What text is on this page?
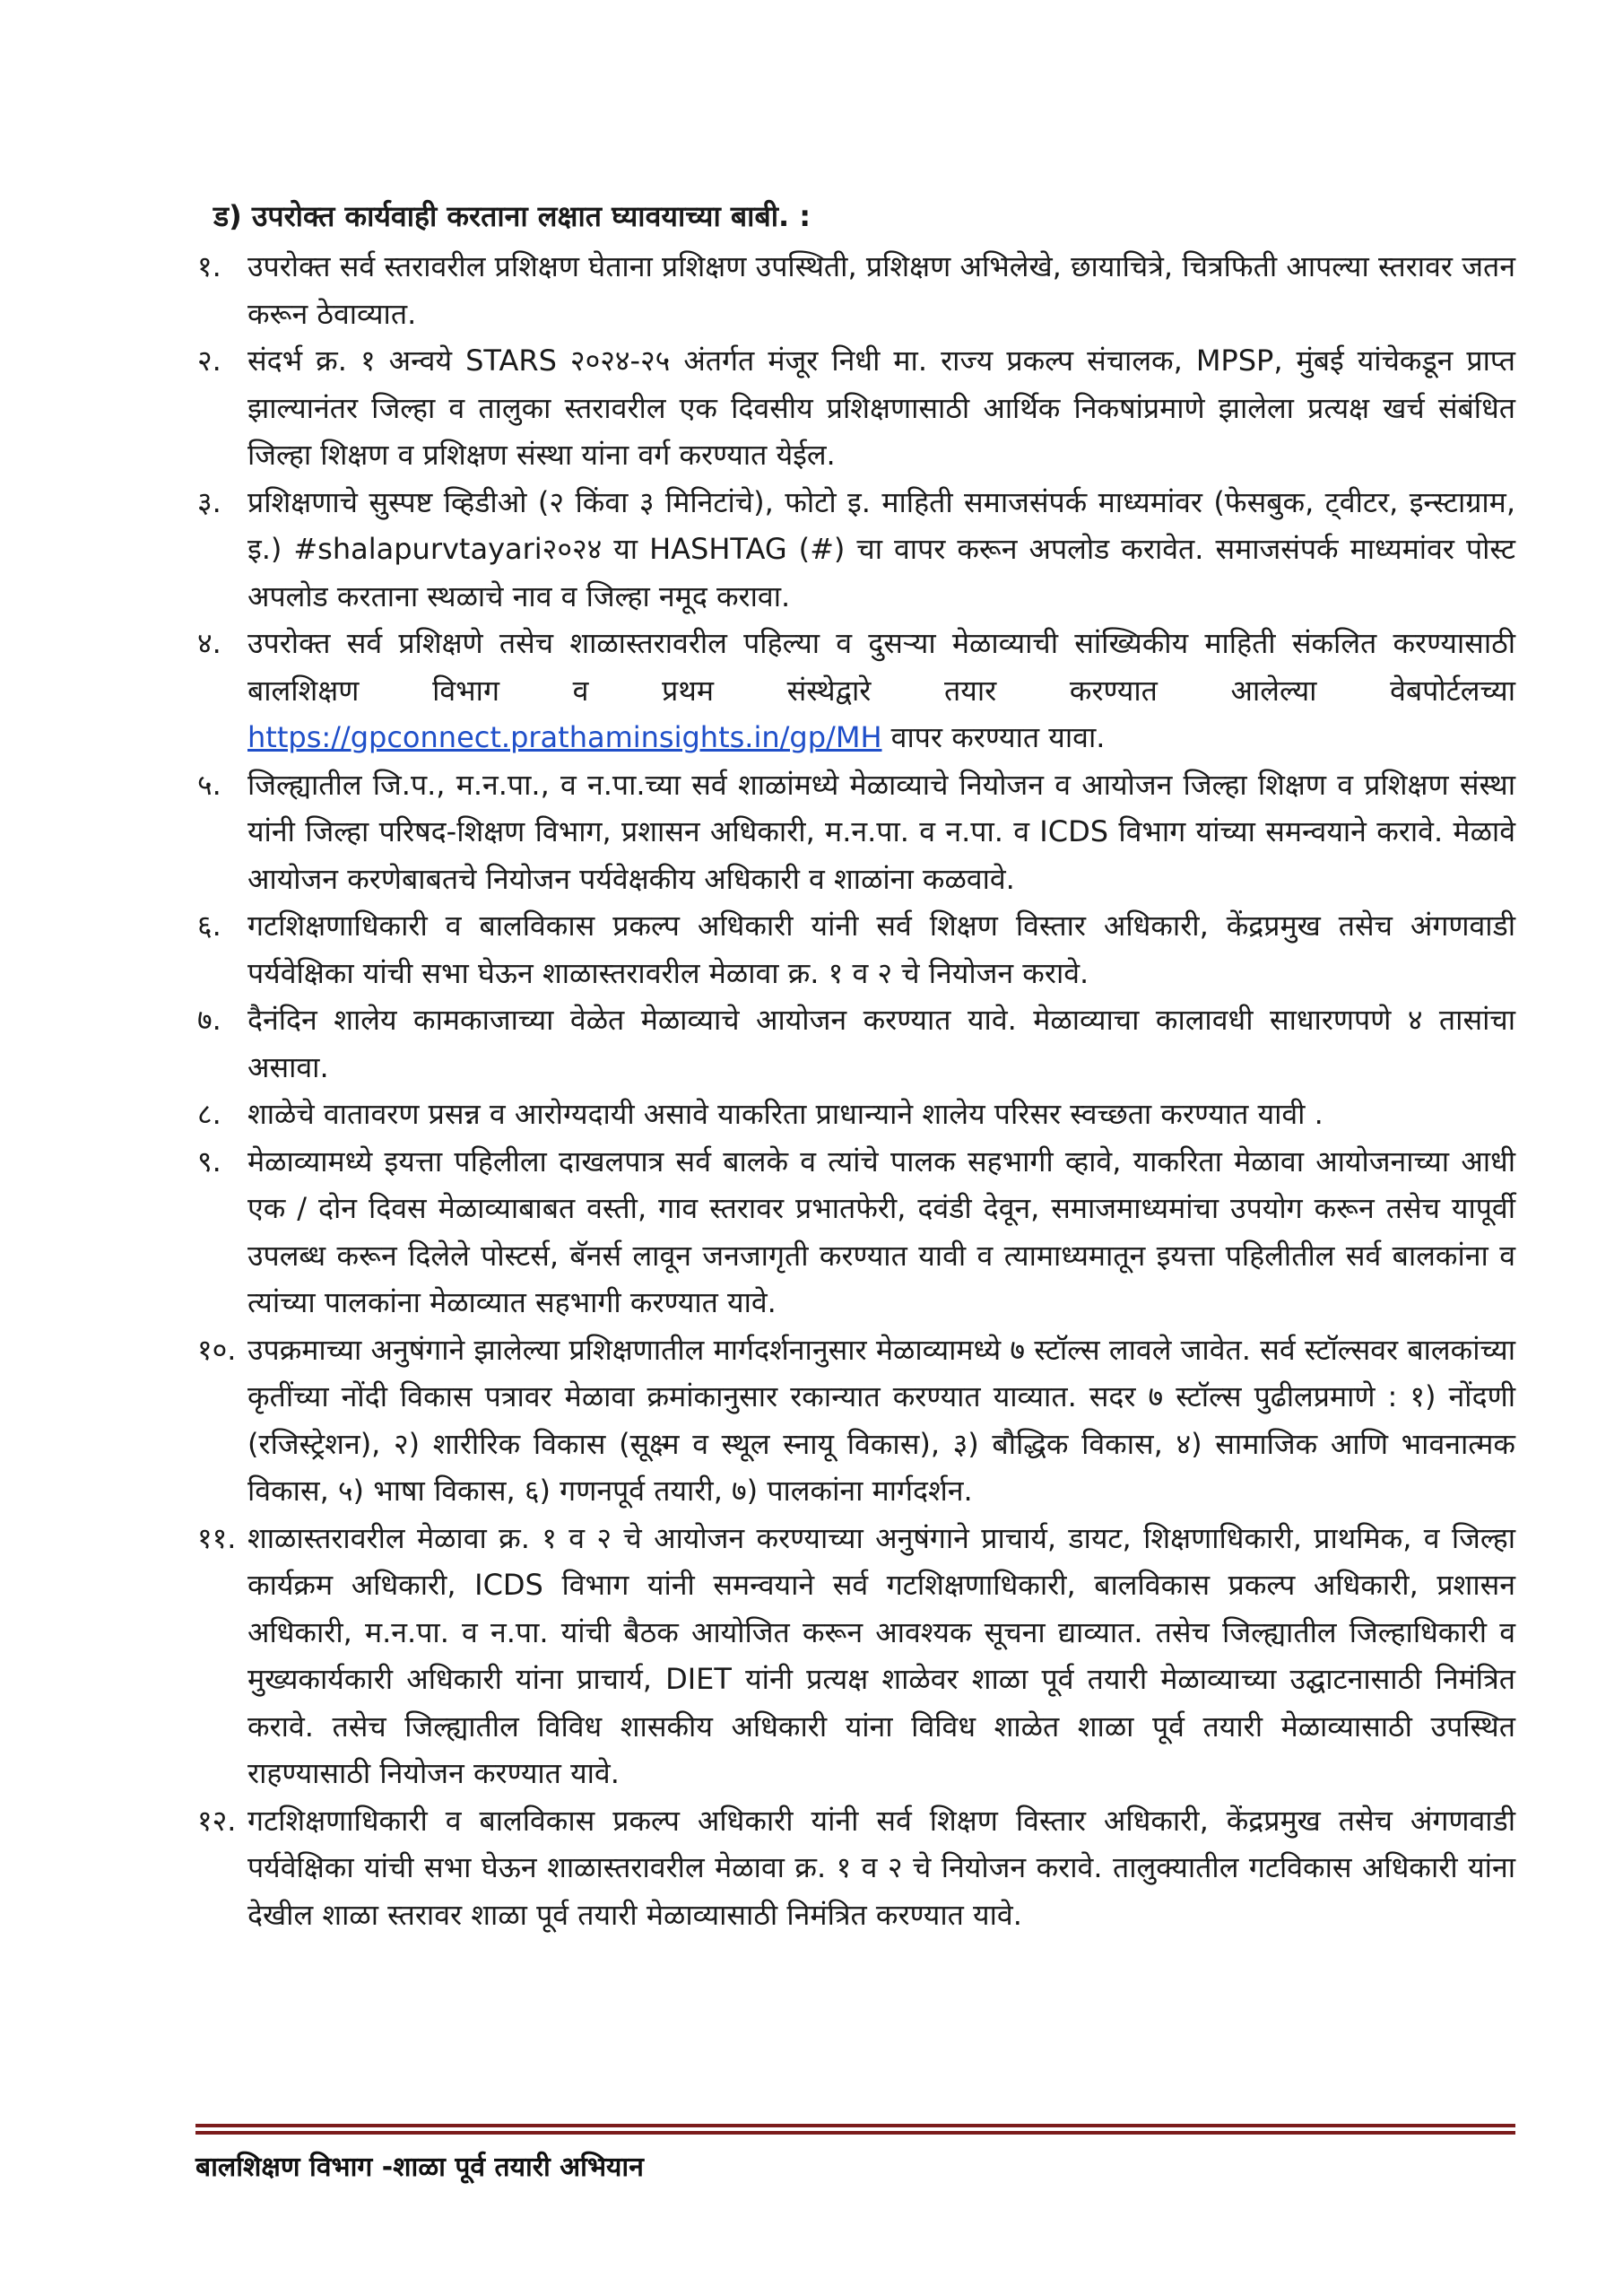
ड) उपरोक्त कार्यवाही करताना लक्षात घ्यावयाच्या बाबी. :
१. उपरोक्त सर्व स्तरावरील प्रशिक्षण घेताना प्रशिक्षण उपस्थिती, प्रशिक्षण अभिलेखे, छायाचित्रे, चित्रफिती आपल्या स्तरावर जतन करून ठेवाव्यात.
२. संदर्भ क्र. १ अन्वये STARS २०२४-२५ अंतर्गत मंजूर निधी मा. राज्य प्रकल्प संचालक, MPSP, मुंबई यांचेकडून प्राप्त झाल्यानंतर जिल्हा व तालुका स्तरावरील एक दिवसीय प्रशिक्षणासाठी आर्थिक निकषांप्रमाणे झालेला प्रत्यक्ष खर्च संबंधित जिल्हा शिक्षण व प्रशिक्षण संस्था यांना वर्ग करण्यात येईल.
३. प्रशिक्षणाचे सुस्पष्ट व्हिडीओ (२ किंवा ३ मिनिटांचे), फोटो इ. माहिती समाजसंपर्क माध्यमांवर (फेसबुक, ट्वीटर, इन्स्टाग्राम, इ.) #shalapurvtayari२०२४ या HASHTAG (#) चा वापर करून अपलोड करावेत. समाजसंपर्क माध्यमांवर पोस्ट अपलोड करताना स्थळाचे नाव व जिल्हा नमूद करावा.
४. उपरोक्त सर्व प्रशिक्षणे तसेच शाळास्तरावरील पहिल्या व दुसऱ्या मेळाव्याची सांख्यिकीय माहिती संकलित करण्यासाठी बालशिक्षण विभाग व प्रथम संस्थेद्वारे तयार करण्यात आलेल्या वेबपोर्टलच्या https://gpconnect.prathaminsights.in/gp/MH वापर करण्यात यावा.
५. जिल्ह्यातील जि.प., म.न.पा., व न.पा.च्या सर्व शाळांमध्ये मेळाव्याचे नियोजन व आयोजन जिल्हा शिक्षण व प्रशिक्षण संस्था यांनी जिल्हा परिषद-शिक्षण विभाग, प्रशासन अधिकारी, म.न.पा. व न.पा. व ICDS विभाग यांच्या समन्वयाने करावे. मेळावे आयोजन करणेबाबतचे नियोजन पर्यवेक्षकीय अधिकारी व शाळांना कळवावे.
६. गटशिक्षणाधिकारी व बालविकास प्रकल्प अधिकारी यांनी सर्व शिक्षण विस्तार अधिकारी, केंद्रप्रमुख तसेच अंगणवाडी पर्यवेक्षिका यांची सभा घेऊन शाळास्तरावरील मेळावा क्र. १ व २ चे नियोजन करावे.
७. दैनंदिन शालेय कामकाजाच्या वेळेत मेळाव्याचे आयोजन करण्यात यावे. मेळाव्याचा कालावधी साधारणपणे ४ तासांचा असावा.
८. शाळेचे वातावरण प्रसन्न व आरोग्यदायी असावे याकरिता प्राधान्याने शालेय परिसर स्वच्छता करण्यात यावी .
९. मेळाव्यामध्ये इयत्ता पहिलीला दाखलपात्र सर्व बालके व त्यांचे पालक सहभागी व्हावे, याकरिता मेळावा आयोजनाच्या आधी एक / दोन दिवस मेळाव्याबाबत वस्ती, गाव स्तरावर प्रभातफेरी, दवंडी देवून, समाजमाध्यमांचा उपयोग करून तसेच यापूर्वी उपलब्ध करून दिलेले पोस्टर्स, बॅनर्स लावून जनजागृती करण्यात यावी व त्यामाध्यमातून इयत्ता पहिलीतील सर्व बालकांना व त्यांच्या पालकांना मेळाव्यात सहभागी करण्यात यावे.
१०. उपक्रमाच्या अनुषंगाने झालेल्या प्रशिक्षणातील मार्गदर्शनानुसार मेळाव्यामध्ये ७ स्टॉल्स लावले जावेत. सर्व स्टॉल्सवर बालकांच्या कृतींच्या नोंदी विकास पत्रावर मेळावा क्रमांकानुसार रकान्यात करण्यात याव्यात. सदर ७ स्टॉल्स पुढीलप्रमाणे : १) नोंदणी (रजिस्ट्रेशन), २) शारीरिक विकास (सूक्ष्म व स्थूल स्नायू विकास), ३) बौद्धिक विकास, ४) सामाजिक आणि भावनात्मक विकास, ५) भाषा विकास, ६) गणनपूर्व तयारी, ७) पालकांना मार्गदर्शन.
११. शाळास्तरावरील मेळावा क्र. १ व २ चे आयोजन करण्याच्या अनुषंगाने प्राचार्य, डायट, शिक्षणाधिकारी, प्राथमिक, व जिल्हा कार्यक्रम अधिकारी, ICDS विभाग यांनी समन्वयाने सर्व गटशिक्षणाधिकारी, बालविकास प्रकल्प अधिकारी, प्रशासन अधिकारी, म.न.पा. व न.पा. यांची बैठक आयोजित करून आवश्यक सूचना द्याव्यात. तसेच जिल्ह्यातील जिल्हाधिकारी व मुख्यकार्यकारी अधिकारी यांना प्राचार्य, DIET यांनी प्रत्यक्ष शाळेवर शाळा पूर्व तयारी मेळाव्याच्या उद्घाटनासाठी निमंत्रित करावे. तसेच जिल्ह्यातील विविध शासकीय अधिकारी यांना विविध शाळेत शाळा पूर्व तयारी मेळाव्यासाठी उपस्थित राहण्यासाठी नियोजन करण्यात यावे.
१२. गटशिक्षणाधिकारी व बालविकास प्रकल्प अधिकारी यांनी सर्व शिक्षण विस्तार अधिकारी, केंद्रप्रमुख तसेच अंगणवाडी पर्यवेक्षिका यांची सभा घेऊन शाळास्तरावरील मेळावा क्र. १ व २ चे नियोजन करावे. तालुक्यातील गटविकास अधिकारी यांना देखील शाळा स्तरावर शाळा पूर्व तयारी मेळाव्यासाठी निमंत्रित करण्यात यावे.
बालशिक्षण विभाग -शाळा पूर्व तयारी अभियान
